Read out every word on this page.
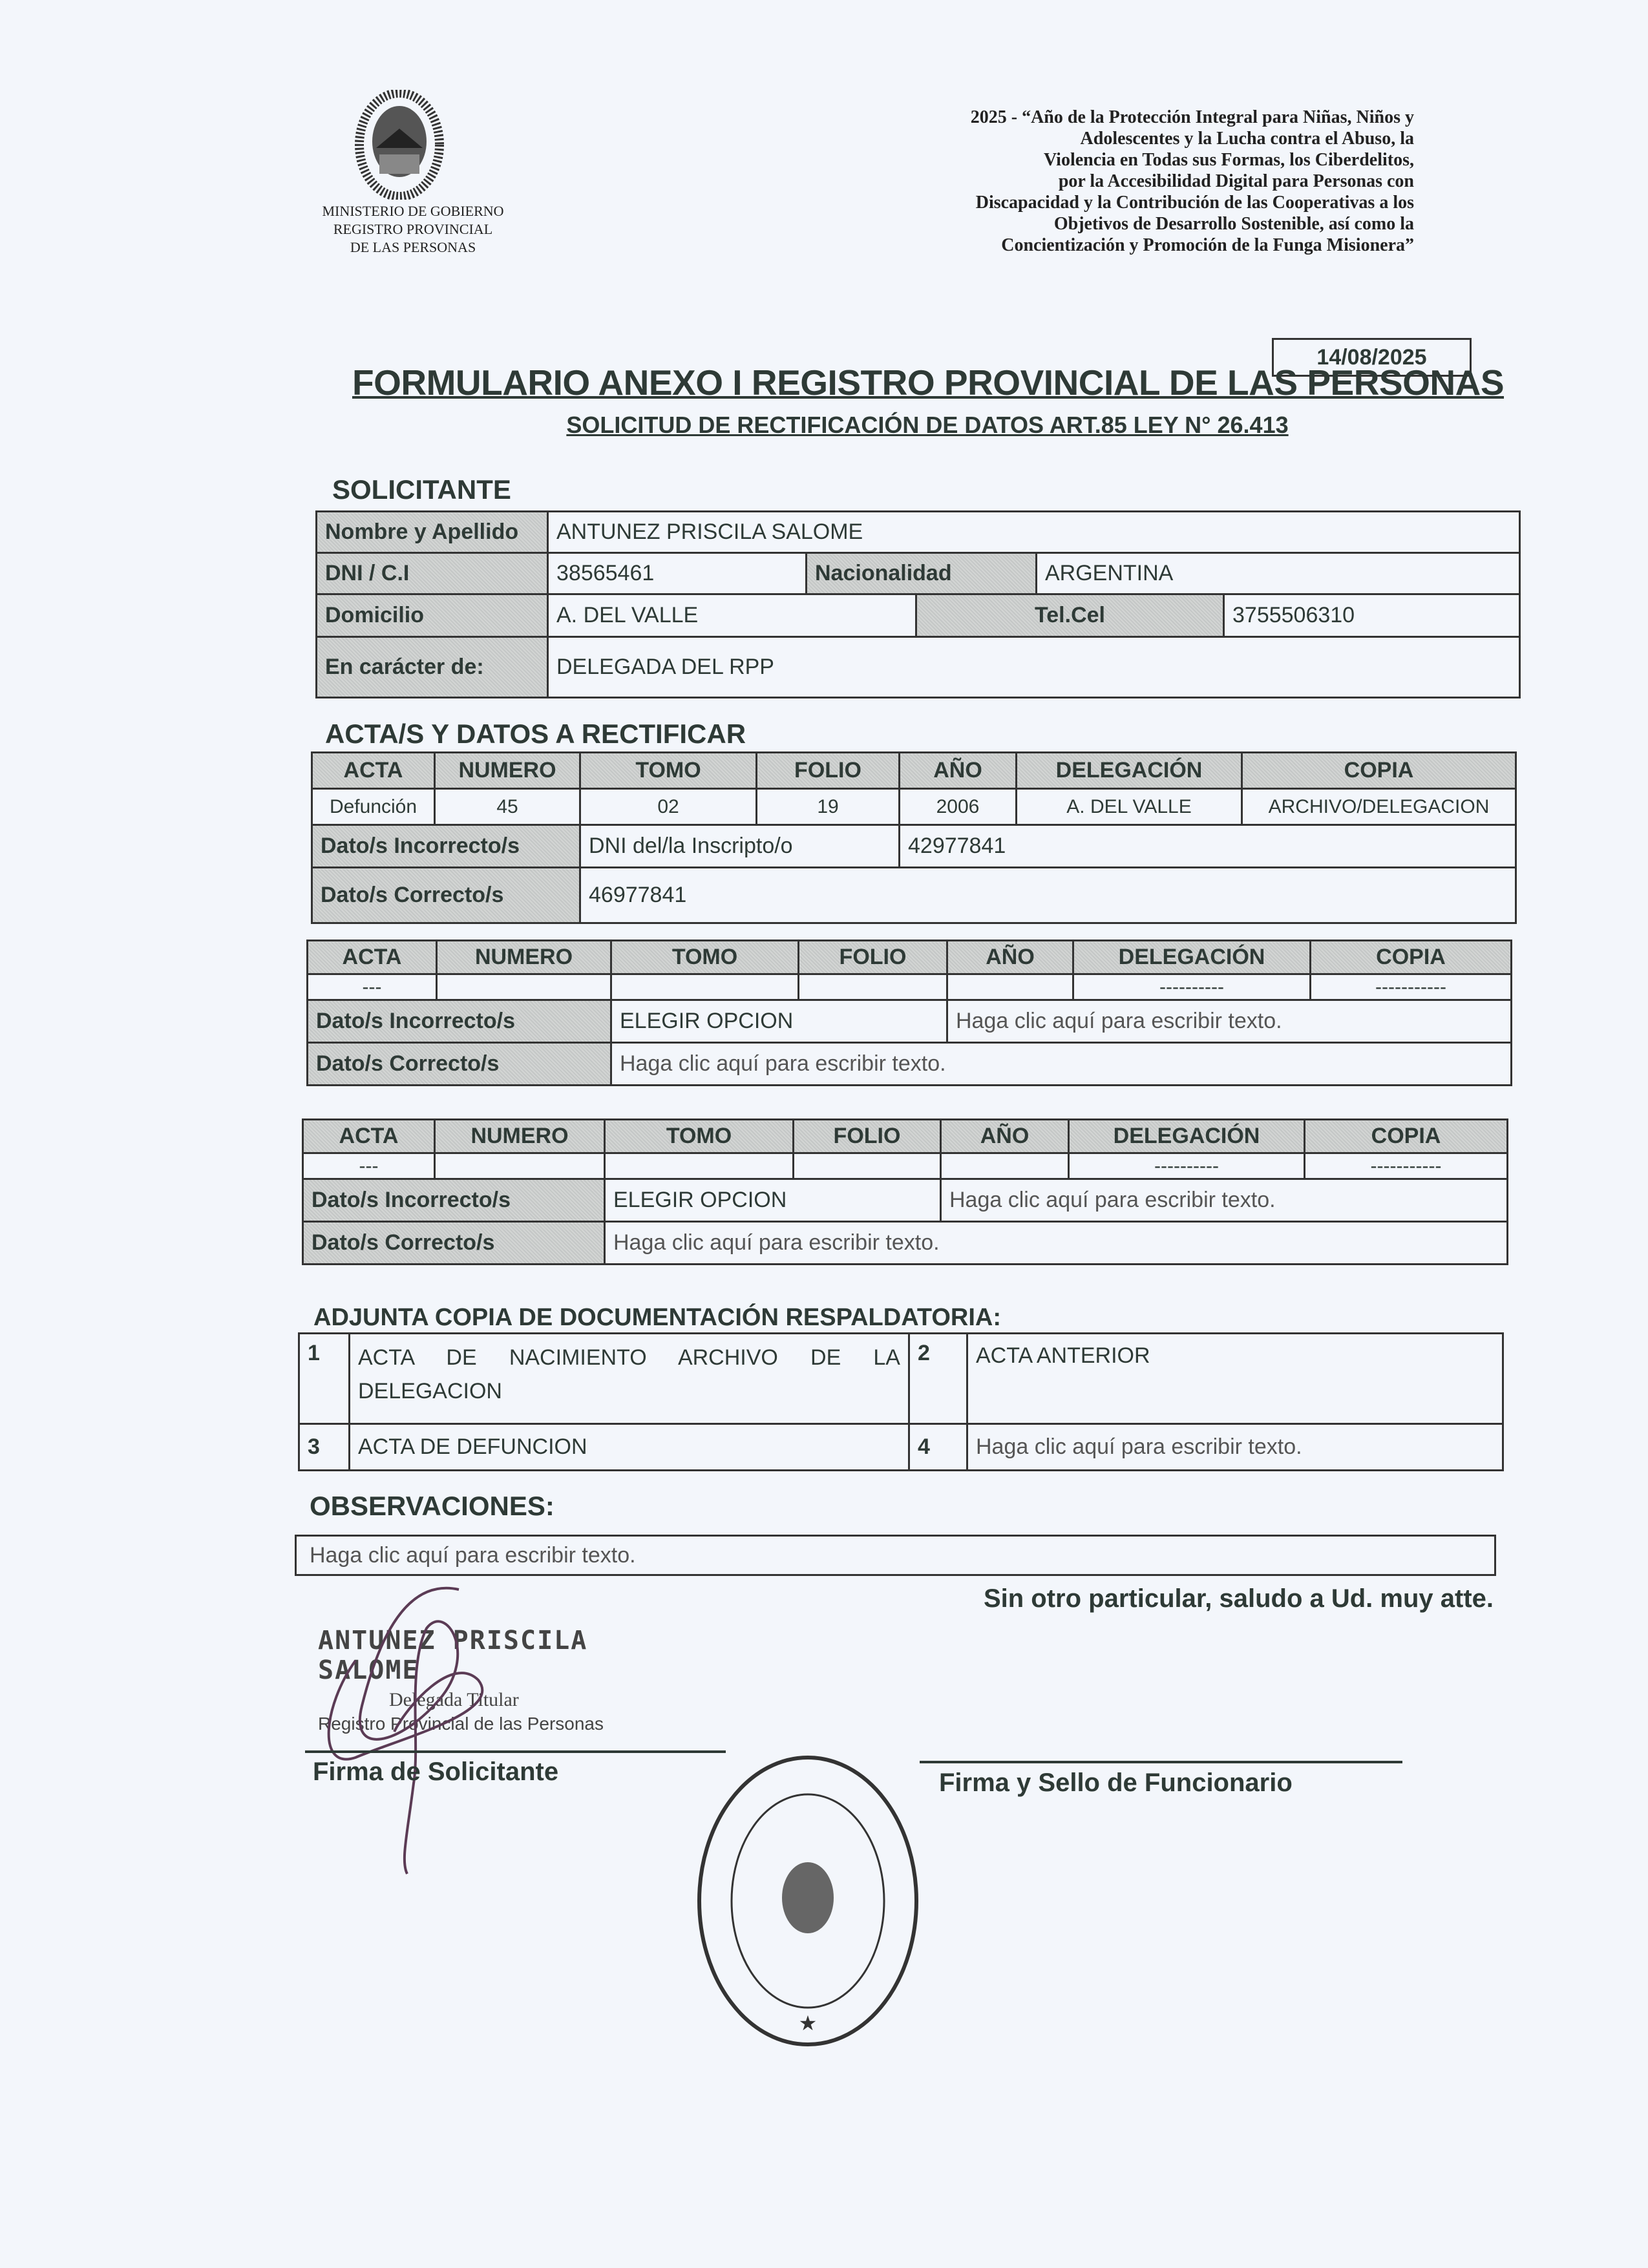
MINISTERIO DE GOBIERNO
REGISTRO PROVINCIAL
DE LAS PERSONAS
2025 - “Año de la Protección Integral para Niñas, Niños y
Adolescentes y la Lucha contra el Abuso, la
Violencia en Todas sus Formas, los Ciberdelitos,
por la Accesibilidad Digital para Personas con
Discapacidad y la Contribución de las Cooperativas a los
Objetivos de Desarrollo Sostenible, así como la
Concientización y Promoción de la Funga Misionera”
14/08/2025
FORMULARIO ANEXO I REGISTRO PROVINCIAL DE LAS PERSONAS
SOLICITUD DE RECTIFICACIÓN DE DATOS ART.85 LEY N° 26.413
SOLICITANTE
Nombre y Apellido	ANTUNEZ PRISCILA SALOME				
DNI / C.I	38565461	Nacionalidad		ARGENTINA	
Domicilio	A. DEL VALLE		Tel.Cel		3755506310
En carácter de:	DELEGADA DEL RPP				
ACTA/S Y DATOS A RECTIFICAR
ACTA	NUMERO	TOMO	FOLIO	AÑO	DELEGACIÓN	COPIA
Defunción	45	02	19	2006	A. DEL VALLE	ARCHIVO/DELEGACION
Dato/s Incorrecto/s		DNI del/la Inscripto/o		42977841		
Dato/s Correcto/s		46977841				
ACTA	NUMERO	TOMO	FOLIO	AÑO	DELEGACIÓN	COPIA
---					----------	-----------
Dato/s Incorrecto/s		ELEGIR OPCION		Haga clic aquí para escribir texto.		
Dato/s Correcto/s		Haga clic aquí para escribir texto.				
ACTA	NUMERO	TOMO	FOLIO	AÑO	DELEGACIÓN	COPIA
---					----------	-----------
Dato/s Incorrecto/s		ELEGIR OPCION		Haga clic aquí para escribir texto.		
Dato/s Correcto/s		Haga clic aquí para escribir texto.				
ADJUNTA COPIA DE DOCUMENTACIÓN RESPALDATORIA:
1	ACTA DE NACIMIENTO ARCHIVO DE LA DELEGACION	2	ACTA ANTERIOR
3	ACTA DE DEFUNCION	4	Haga clic aquí para escribir texto.
OBSERVACIONES:
Haga clic aquí para escribir texto.
Sin otro particular, saludo a Ud. muy atte.
ANTUNEZ PRISCILA SALOME
Delegada Titular
Registro Provincial de las Personas
Firma de Solicitante	Firma y Sello de Funcionario
★
